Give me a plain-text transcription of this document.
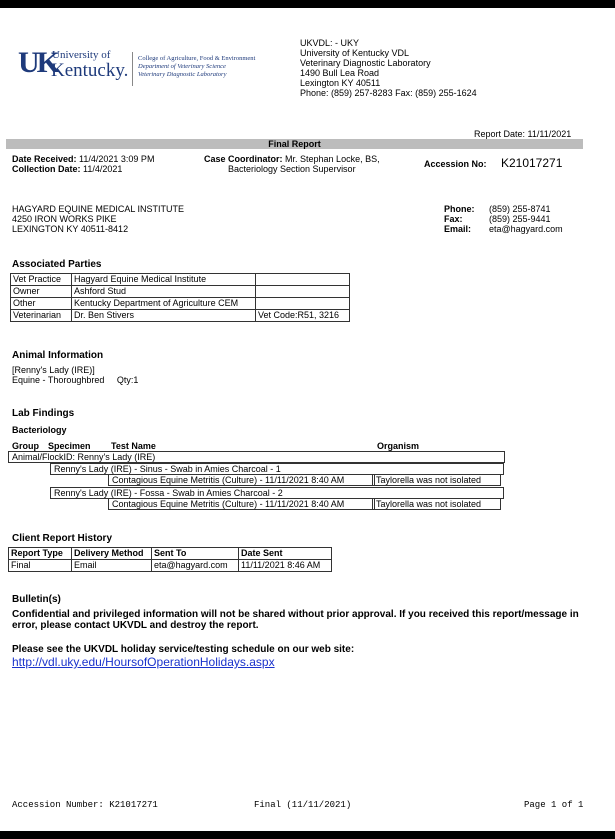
UK
University of
Kentucky.
College of Agriculture, Food & Environment
Department of Veterinary Science
Veterinary Diagnostic Laboratory
UKVDL: - UKY
University of Kentucky VDL
Veterinary Diagnostic Laboratory
1490 Bull Lea Road
Lexington KY 40511
Phone: (859) 257-8283 Fax: (859) 255-1624
Report Date: 11/11/2021
Final Report
Date Received: 11/4/2021 3:09 PM
Collection Date: 11/4/2021
Case Coordinator: Mr. Stephan Locke, BS,
Bacteriology Section Supervisor	Accession No: K21017271
HAGYARD EQUINE MEDICAL INSTITUTE
4250 IRON WORKS PIKE
LEXINGTON KY 40511-8412
Phone: (859) 255-8741
Fax:	(859) 255-9441
Email: eta@hagyard.com
Associated Parties
Vet Practice	Hagyard Equine Medical Institute	
Owner	Ashford Stud	
Other	Kentucky Department of Agriculture CEM	
Veterinarian	Dr. Ben Stivers	Vet Code:R51, 3216
Animal Information
[Renny's Lady (IRE)]
Equine - Thoroughbred Qty:1
Lab Findings
Bacteriology
Group Specimen Test Name	Organism
Animal/FlockID: Renny's Lady (IRE)
Renny's Lady (IRE) - Sinus - Swab in Amies Charcoal - 1
Contagious Equine Metritis (Culture) - 11/11/2021 8:40 AM	Taylorella was not isolated
Renny's Lady (IRE) - Fossa - Swab in Amies Charcoal - 2
Contagious Equine Metritis (Culture) - 11/11/2021 8:40 AM	Taylorella was not isolated
Client Report History
Report Type	Delivery Method	Sent To	Date Sent
Final	Email	eta@hagyard.com	11/11/2021 8:46 AM
Bulletin(s)
Confidential and privileged information will not be shared without prior approval. If you received this report/message in
error, please contact UKVDL and destroy the report.
Please see the UKVDL holiday service/testing schedule on our web site:
http://vdl.uky.edu/HoursofOperationHolidays.aspx
Accession Number: K21017271	Final (11/11/2021)	Page 1 of 1
